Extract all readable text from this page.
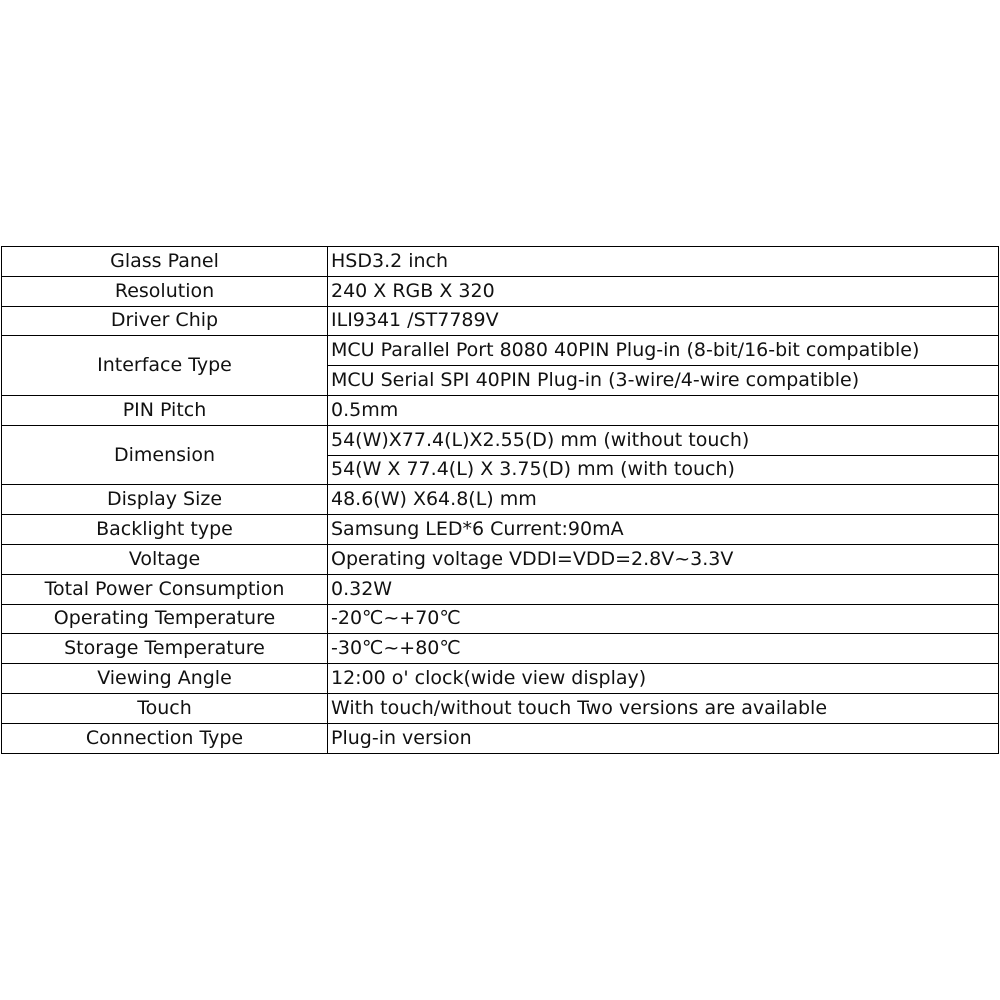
Glass Panel	HSD3.2 inch
Resolution	240 X RGB X 320
Driver Chip	ILI9341 /ST7789V
Interface Type	MCU Parallel Port 8080 40PIN Plug-in (8-bit/16-bit compatible)
	MCU Serial SPI 40PIN Plug-in (3-wire/4-wire compatible)
PIN Pitch	0.5mm
Dimension	54(W)X77.4(L)X2.55(D) mm (without touch)
	54(W X 77.4(L) X 3.75(D) mm (with touch)
Display Size	48.6(W) X64.8(L) mm
Backlight type	Samsung LED*6 Current:90mA
Voltage	Operating voltage VDDI=VDD=2.8V~3.3V
Total Power Consumption	0.32W
Operating Temperature	-20℃~+70℃
Storage Temperature	-30℃~+80℃
Viewing Angle	12:00 o' clock(wide view display)
Touch	With touch/without touch Two versions are available
Connection Type	Plug-in version
